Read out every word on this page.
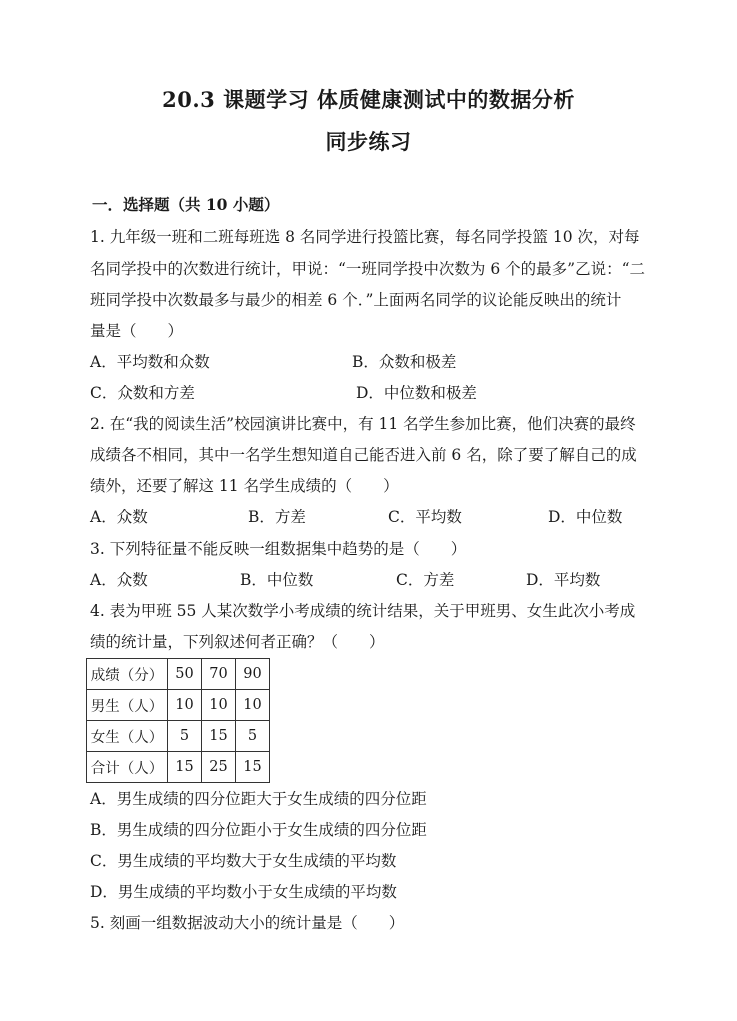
20.3 课题学习 体质健康测试中的数据分析
同步练习
一．选择题（共 10 小题）
1. 九年级一班和二班每班选 8 名同学进行投篮比赛，每名同学投篮 10 次，对每
名同学投中的次数进行统计，甲说：“一班同学投中次数为 6 个的最多”乙说：“二
班同学投中次数最多与最少的相差 6 个．”上面两名同学的议论能反映出的统计
量是（　　）
A．平均数和众数	B．众数和极差
C．众数和方差	D．中位数和极差
2. 在“我的阅读生活”校园演讲比赛中，有 11 名学生参加比赛，他们决赛的最终
成绩各不相同，其中一名学生想知道自己能否进入前 6 名，除了要了解自己的成
绩外，还要了解这 11 名学生成绩的（　　）
A．众数	B．方差	C．平均数	D．中位数
3. 下列特征量不能反映一组数据集中趋势的是（　　）
A．众数	B．中位数	C．方差	D．平均数
4. 表为甲班 55 人某次数学小考成绩的统计结果，关于甲班男、女生此次小考成
绩的统计量，下列叙述何者正确？（　　）
成绩（分）	50	70	90
男生（人）	10	10	10
女生（人）	5	15	5
合计（人）	15	25	15
A．男生成绩的四分位距大于女生成绩的四分位距
B．男生成绩的四分位距小于女生成绩的四分位距
C．男生成绩的平均数大于女生成绩的平均数
D．男生成绩的平均数小于女生成绩的平均数
5. 刻画一组数据波动大小的统计量是（　　）
